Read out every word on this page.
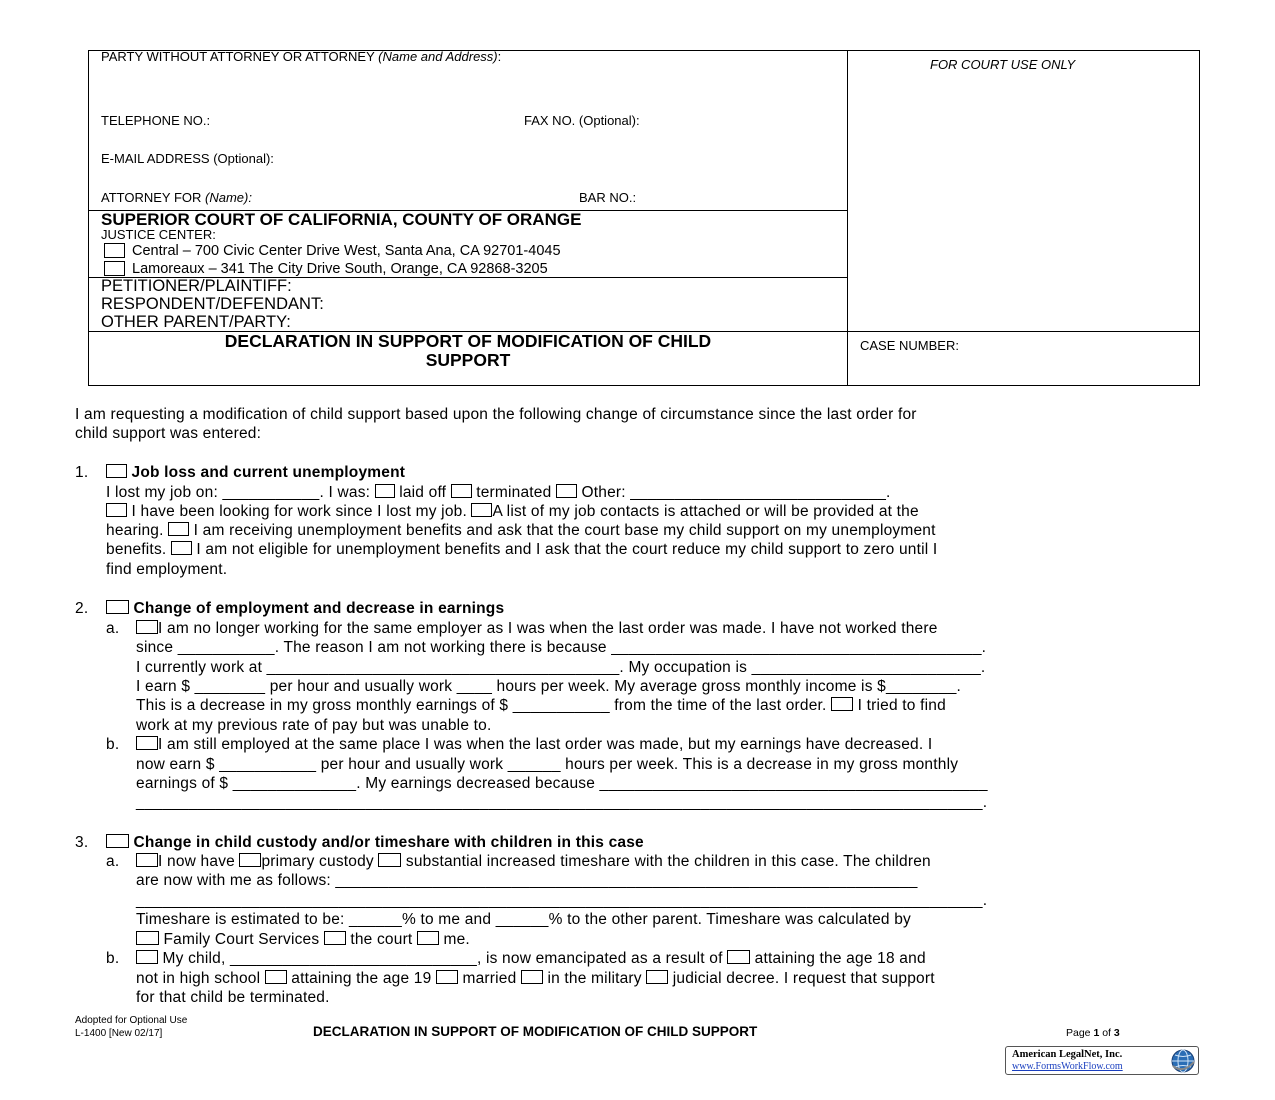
PARTY WITHOUT ATTORNEY OR ATTORNEY (Name and Address):
TELEPHONE NO.:	FAX NO. (Optional):
E-MAIL ADDRESS (Optional):
ATTORNEY FOR (Name):	BAR NO.:
FOR COURT USE ONLY
SUPERIOR COURT OF CALIFORNIA, COUNTY OF ORANGE
JUSTICE CENTER:
Central – 700 Civic Center Drive West, Santa Ana, CA 92701-4045
Lamoreaux – 341 The City Drive South, Orange, CA 92868-3205
PETITIONER/PLAINTIFF:
RESPONDENT/DEFENDANT:
OTHER PARENT/PARTY:
DECLARATION IN SUPPORT OF MODIFICATION OF CHILD
SUPPORT
CASE NUMBER:
I am requesting a modification of child support based upon the following change of circumstance since the last order for
child support was entered:
1.	Job loss and current unemployment
I lost my job on: ___________. I was:  laid off  terminated  Other: _____________________________.
I have been looking for work since I lost my job. A list of my job contacts is attached or will be provided at the
hearing.  I am receiving unemployment benefits and ask that the court base my child support on my unemployment
benefits.  I am not eligible for unemployment benefits and I ask that the court reduce my child support to zero until I
find employment.
2.	Change of employment and decrease in earnings
a.	I am no longer working for the same employer as I was when the last order was made. I have not worked there
since ___________. The reason I am not working there is because __________________________________________.
I currently work at ________________________________________. My occupation is __________________________.
I earn $ ________ per hour and usually work ____ hours per week. My average gross monthly income is $________.
This is a decrease in my gross monthly earnings of $ ___________ from the time of the last order.  I tried to find
work at my previous rate of pay but was unable to.
b.	I am still employed at the same place I was when the last order was made, but my earnings have decreased. I
now earn $ ___________ per hour and usually work ______ hours per week. This is a decrease in my gross monthly
earnings of $ ______________. My earnings decreased because ____________________________________________
________________________________________________________________________________________________.
3.	Change in child custody and/or timeshare with children in this case
a.	I now have primary custody  substantial increased timeshare with the children in this case. The children
are now with me as follows: __________________________________________________________________
________________________________________________________________________________________________.
Timeshare is estimated to be: ______% to me and ______% to the other parent. Timeshare was calculated by
Family Court Services  the court  me.
b.	My child, ____________________________, is now emancipated as a result of  attaining the age 18 and
not in high school  attaining the age 19  married  in the military  judicial decree. I request that support
for that child be terminated.
Adopted for Optional Use
L-1400 [New 02/17]	DECLARATION IN SUPPORT OF MODIFICATION OF CHILD SUPPORT	Page 1 of 3
American LegalNet, Inc.
www.FormsWorkFlow.com
